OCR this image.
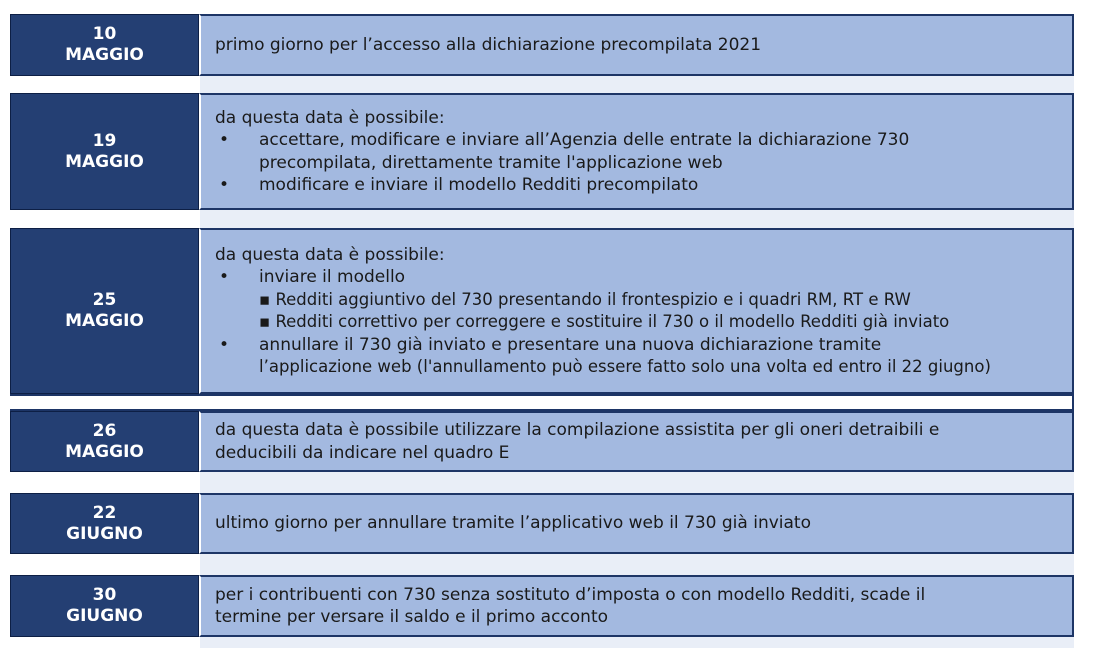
10
MAGGIO
primo giorno per l’accesso alla dichiarazione precompilata 2021
19
MAGGIO
da questa data è possibile:
• accettare, modificare e inviare all’Agenzia delle entrate la dichiarazione 730
precompilata, direttamente tramite l'applicazione web
• modificare e inviare il modello Redditi precompilato
25
MAGGIO
da questa data è possibile:
• inviare il modello
▪ Redditi aggiuntivo del 730 presentando il frontespizio e i quadri RM, RT e RW
▪ Redditi correttivo per correggere e sostituire il 730 o il modello Redditi già inviato
• annullare il 730 già inviato e presentare una nuova dichiarazione tramite
l’applicazione web (l'annullamento può essere fatto solo una volta ed entro il 22 giugno)
26
MAGGIO
da questa data è possibile utilizzare la compilazione assistita per gli oneri detraibili e
deducibili da indicare nel quadro E
22
GIUGNO
ultimo giorno per annullare tramite l’applicativo web il 730 già inviato
30
GIUGNO
per i contribuenti con 730 senza sostituto d’imposta o con modello Redditi, scade il
termine per versare il saldo e il primo acconto
